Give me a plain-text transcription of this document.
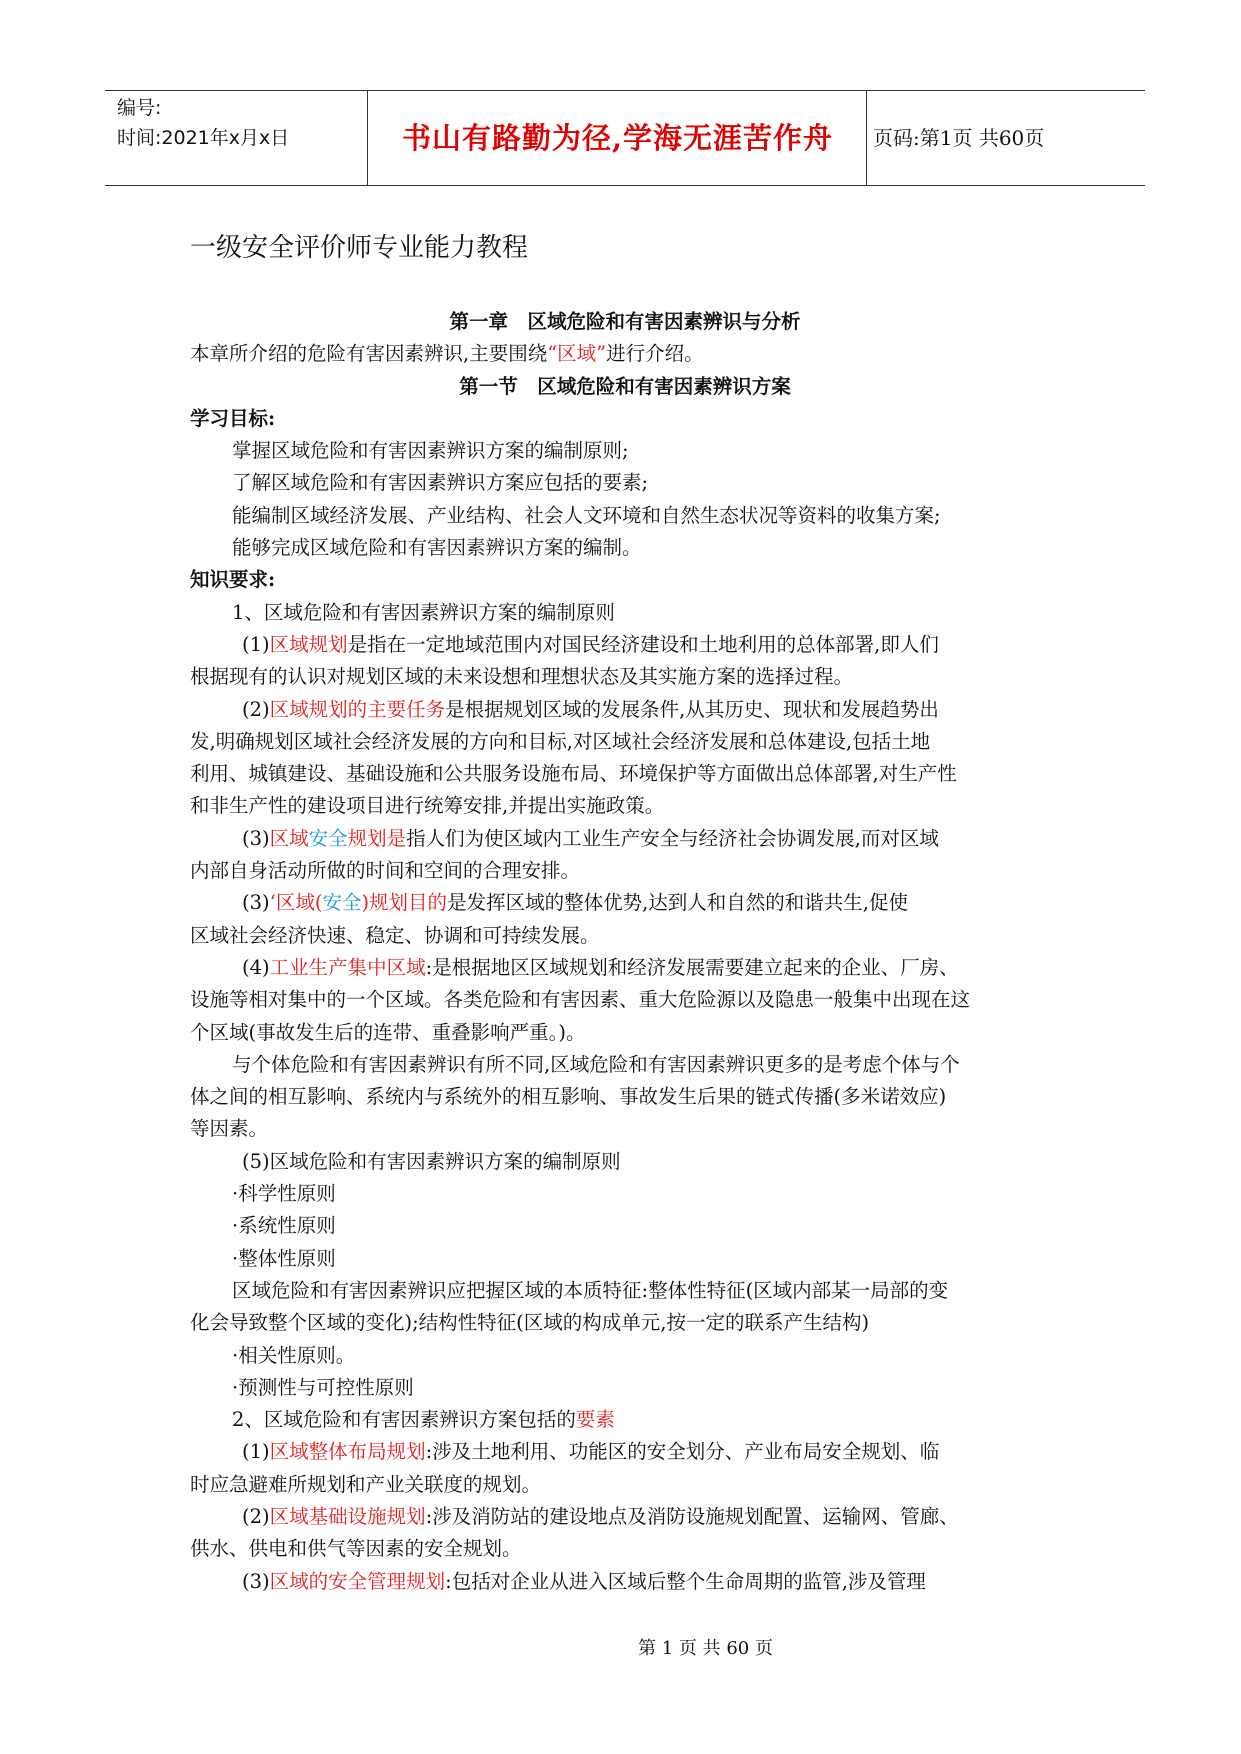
编号:
时间:2021年x月x日	书山有路勤为径,学海无涯苦作舟	页码:第1页 共60页
一级安全评价师专业能力教程
第一章　区域危险和有害因素辨识与分析
本章所介绍的危险有害因素辨识,主要围绕“区域”进行介绍。
第一节　区域危险和有害因素辨识方案
学习目标:
掌握区域危险和有害因素辨识方案的编制原则;
了解区域危险和有害因素辨识方案应包括的要素;
能编制区域经济发展、产业结构、社会人文环境和自然生态状况等资料的收集方案;
能够完成区域危险和有害因素辨识方案的编制。
知识要求:
1、区域危险和有害因素辨识方案的编制原则
(1)区域规划是指在一定地域范围内对国民经济建设和土地利用的总体部署,即人们
根据现有的认识对规划区域的未来设想和理想状态及其实施方案的选择过程。
(2)区域规划的主要任务是根据规划区域的发展条件,从其历史、现状和发展趋势出
发,明确规划区域社会经济发展的方向和目标,对区域社会经济发展和总体建设,包括土地
利用、城镇建设、基础设施和公共服务设施布局、环境保护等方面做出总体部署,对生产性
和非生产性的建设项目进行统筹安排,并提出实施政策。
(3)区域安全规划是指人们为使区域内工业生产安全与经济社会协调发展,而对区域
内部自身活动所做的时间和空间的合理安排。
(3)‘区域(安全)规划目的是发挥区域的整体优势,达到人和自然的和谐共生,促使
区域社会经济快速、稳定、协调和可持续发展。
(4)工业生产集中区域:是根据地区区域规划和经济发展需要建立起来的企业、厂房、
设施等相对集中的一个区域。各类危险和有害因素、重大危险源以及隐患一般集中出现在这
个区域(事故发生后的连带、重叠影响严重。)。
与个体危险和有害因素辨识有所不同,区域危险和有害因素辨识更多的是考虑个体与个
体之间的相互影响、系统内与系统外的相互影响、事故发生后果的链式传播(多米诺效应)
等因素。
(5)区域危险和有害因素辨识方案的编制原则
·科学性原则
·系统性原则
·整体性原则
区域危险和有害因素辨识应把握区域的本质特征:整体性特征(区域内部某一局部的变
化会导致整个区域的变化);结构性特征(区域的构成单元,按一定的联系产生结构)
·相关性原则。
·预测性与可控性原则
2、区域危险和有害因素辨识方案包括的要素
(1)区域整体布局规划:涉及土地利用、功能区的安全划分、产业布局安全规划、临
时应急避难所规划和产业关联度的规划。
(2)区域基础设施规划:涉及消防站的建设地点及消防设施规划配置、运输网、管廊、
供水、供电和供气等因素的安全规划。
(3)区域的安全管理规划:包括对企业从进入区域后整个生命周期的监管,涉及管理
第 1 页 共 60 页
